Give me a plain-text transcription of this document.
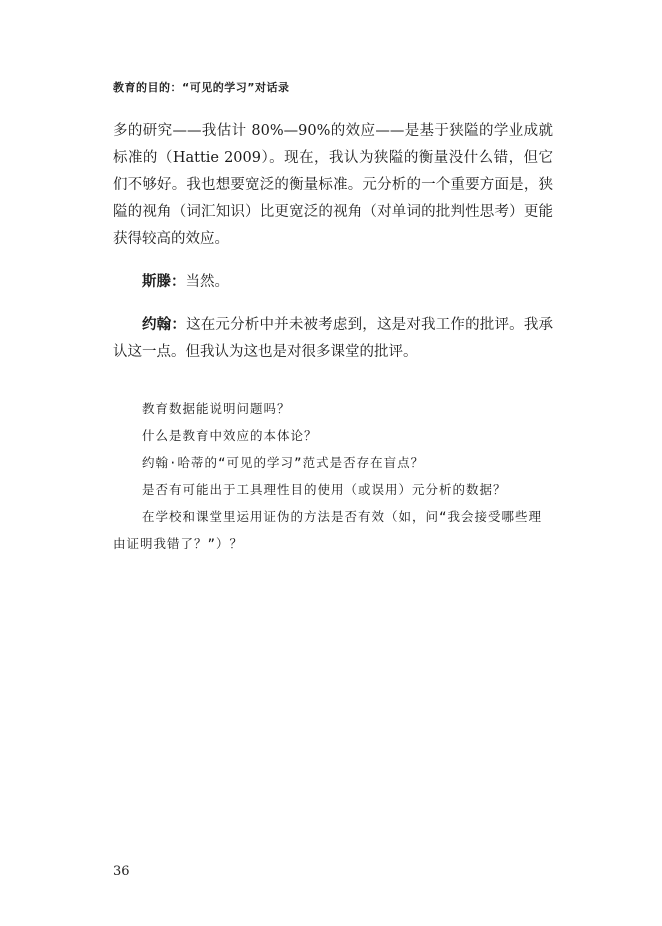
教育的目的：“可见的学习”对话录

多的研究——我估计 80%—90%的效应——是基于狭隘的学业成就标准的（Hattie 2009）。现在，我认为狭隘的衡量没什么错，但它们不够好。我也想要宽泛的衡量标准。元分析的一个重要方面是，狭隘的视角（词汇知识）比更宽泛的视角（对单词的批判性思考）更能获得较高的效应。

斯滕：当然。

约翰：这在元分析中并未被考虑到，这是对我工作的批评。我承认这一点。但我认为这也是对很多课堂的批评。

教育数据能说明问题吗？

什么是教育中效应的本体论？

约翰·哈蒂的“可见的学习”范式是否存在盲点？

是否有可能出于工具理性目的使用（或误用）元分析的数据？

在学校和课堂里运用证伪的方法是否有效（如，问“我会接受哪些理由证明我错了？”）？

36
